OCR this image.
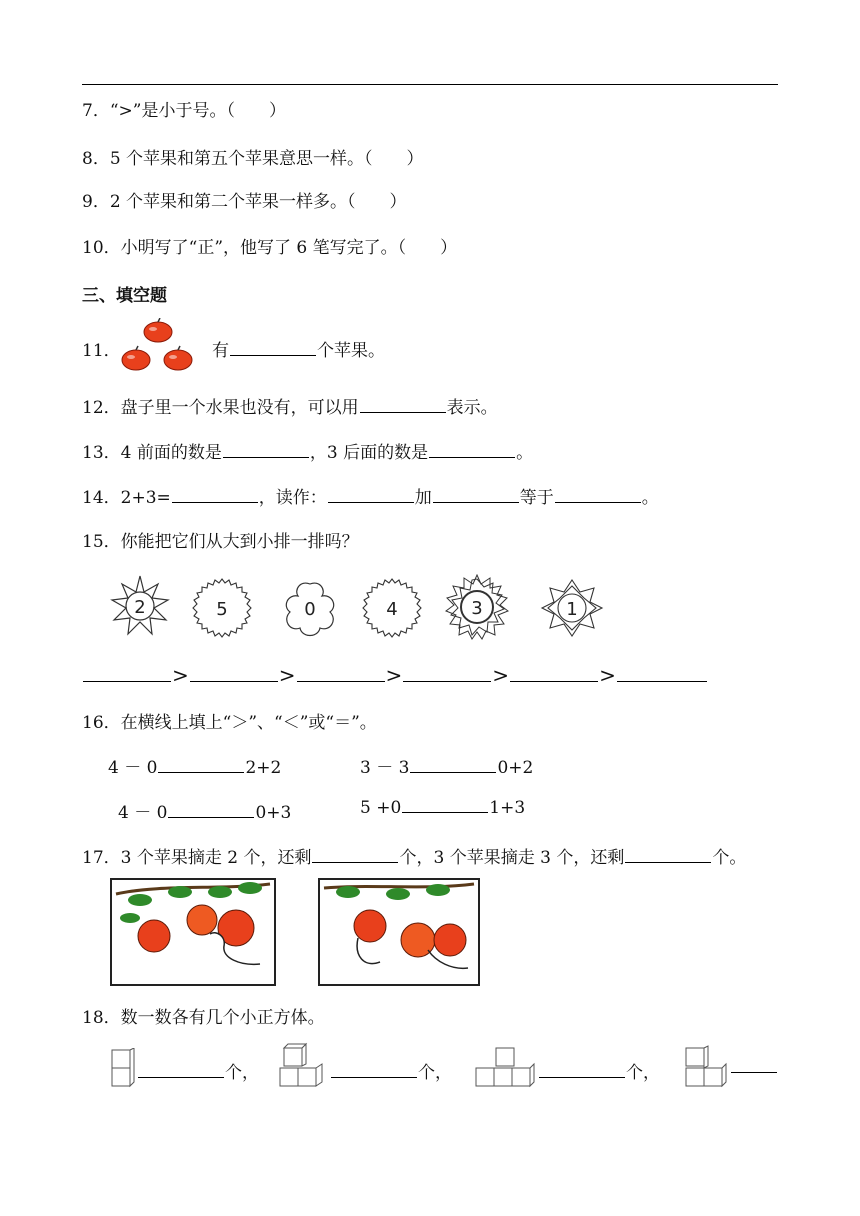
7．“>”是小于号。（　　）
8．5 个苹果和第五个苹果意思一样。（　　）
9．2 个苹果和第二个苹果一样多。（　　）
10．小明写了“正”，他写了 6 笔写完了。（　　）
三、填空题
11．	有	个苹果。
12．盘子里一个水果也没有，可以用	表示。
13．4 前面的数是	，3 后面的数是	。
14．2+3=	，读作：	加	等于	。
15．你能把它们从大到小排一排吗？
2	5	0	4	3	1
>	>	>	>	>
16．在横线上填上“＞”、“＜”或“＝”。
4 － 0	2+2	3 － 3	0+2
4 － 0	0+3	5 +0	1+3
17．3 个苹果摘走 2 个，还剩	个，3 个苹果摘走 3 个，还剩	个。
18．数一数各有几个小正方体。
个，	个，	个，
